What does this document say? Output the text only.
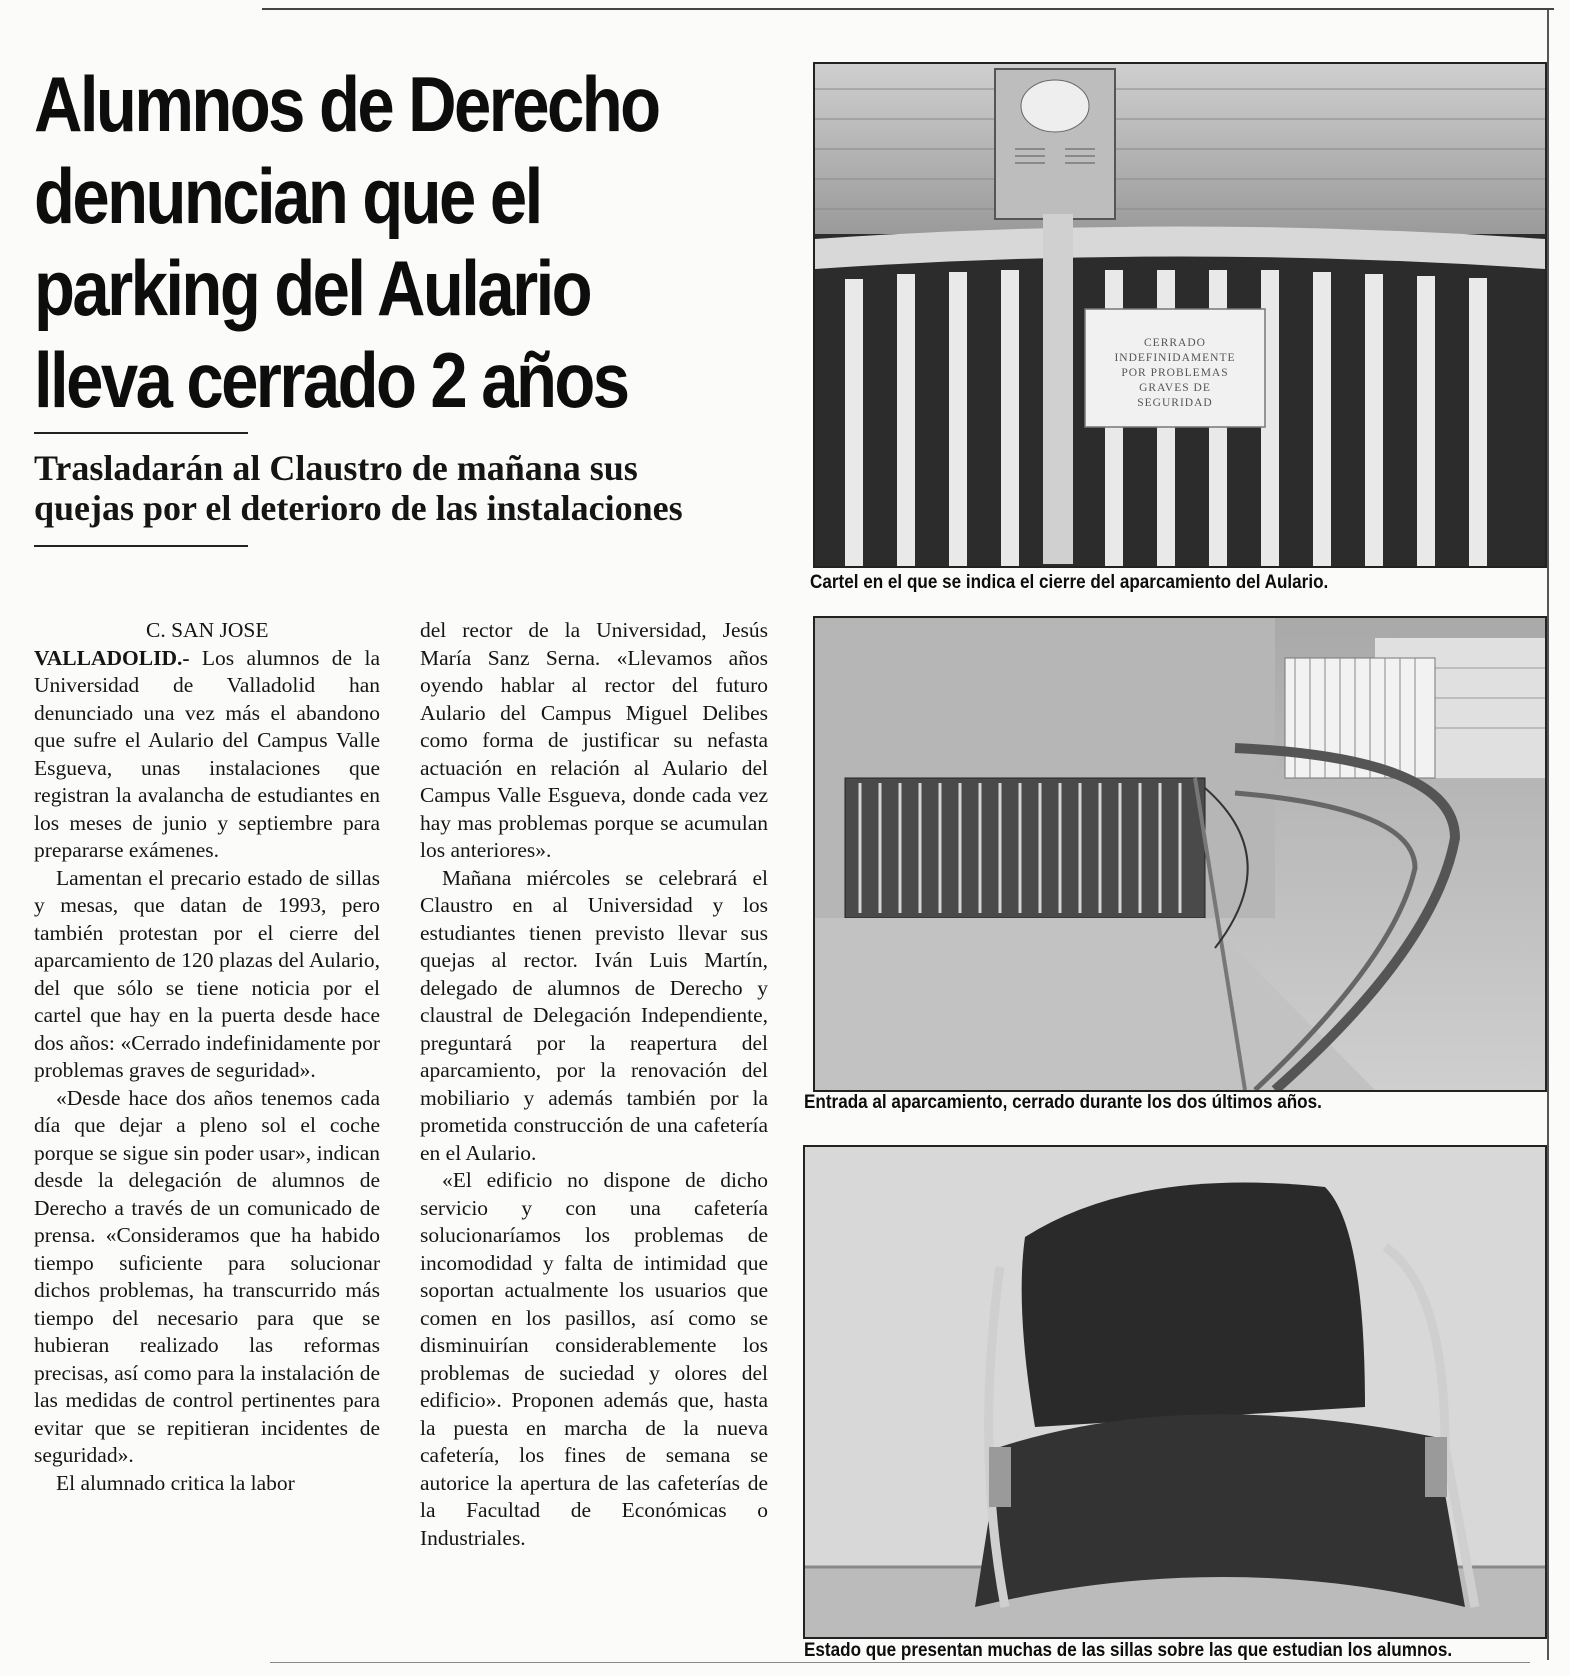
Alumnos de Derecho denuncian que el parking del Aulario lleva cerrado 2 años
Trasladarán al Claustro de mañana sus quejas por el deterioro de las instalaciones
C. SAN JOSE

VALLADOLID.- Los alumnos de la Universidad de Valladolid han denunciado una vez más el abandono que sufre el Aulario del Campus Valle Esgueva, unas instalaciones que registran la avalancha de estudiantes en los meses de junio y septiembre para prepararse exámenes.

Lamentan el precario estado de sillas y mesas, que datan de 1993, pero también protestan por el cierre del aparcamiento de 120 plazas del Aulario, del que sólo se tiene noticia por el cartel que hay en la puerta desde hace dos años: «Cerrado indefinidamente por problemas graves de seguridad».

«Desde hace dos años tenemos cada día que dejar a pleno sol el coche porque se sigue sin poder usar», indican desde la delegación de alumnos de Derecho a través de un comunicado de prensa. «Consideramos que ha habido tiempo suficiente para solucionar dichos problemas, ha transcurrido más tiempo del necesario para que se hubieran realizado las reformas precisas, así como para la instalación de las medidas de control pertinentes para evitar que se repitieran incidentes de seguridad».

El alumnado critica la labor

del rector de la Universidad, Jesús María Sanz Serna. «Llevamos años oyendo hablar al rector del futuro Aulario del Campus Miguel Delibes como forma de justificar su nefasta actuación en relación al Aulario del Campus Valle Esgueva, donde cada vez hay mas problemas porque se acumulan los anteriores».

Mañana miércoles se celebrará el Claustro en al Universidad y los estudiantes tienen previsto llevar sus quejas al rector. Iván Luis Martín, delegado de alumnos de Derecho y claustral de Delegación Independiente, preguntará por la reapertura del aparcamiento, por la renovación del mobiliario y además también por la prometida construcción de una cafetería en el Aulario.

«El edificio no dispone de dicho servicio y con una cafetería solucionaríamos los problemas de incomodidad y falta de intimidad que soportan actualmente los usuarios que comen en los pasillos, así como se disminuirían considerablemente los problemas de suciedad y olores del edificio». Proponen además que, hasta la puesta en marcha de la nueva cafetería, los fines de semana se autorice la apertura de las cafeterías de la Facultad de Económicas o Industriales.

CERRADO
INDEFINIDAMENTE
POR PROBLEMAS
GRAVES DE
SEGURIDAD
Cartel en el que se indica el cierre del aparcamiento del Aulario.
Entrada al aparcamiento, cerrado durante los dos últimos años.
Estado que presentan muchas de las sillas sobre las que estudian los alumnos.
